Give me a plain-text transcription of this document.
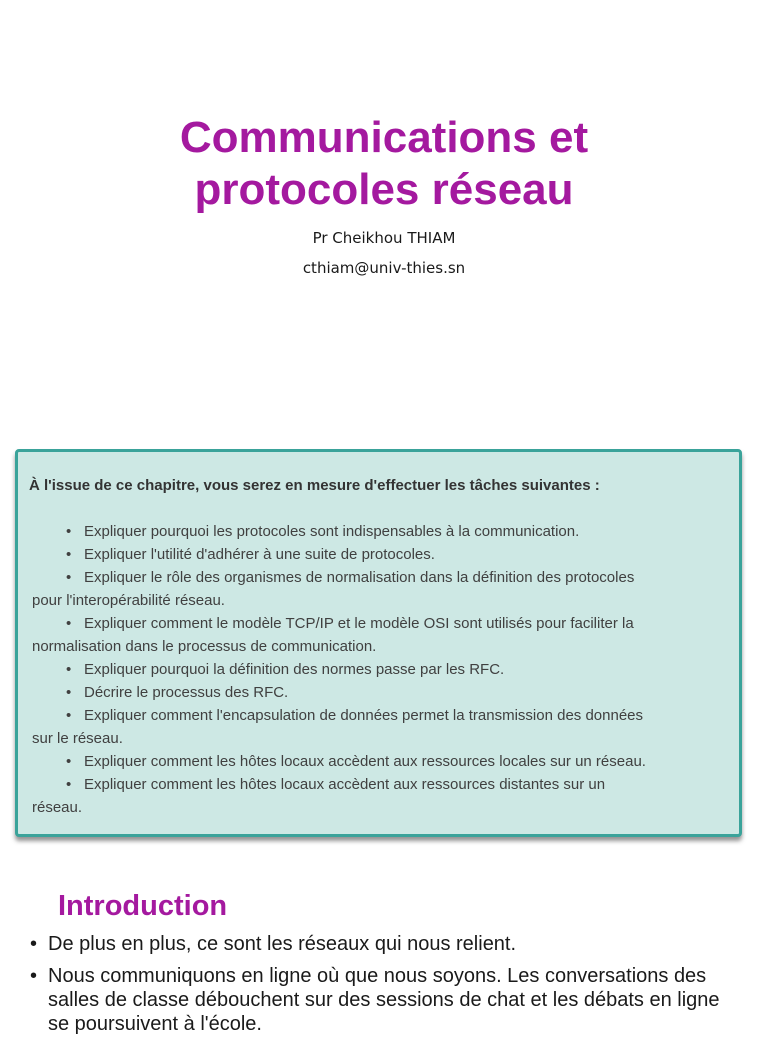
Communications et
protocoles réseau
Pr Cheikhou THIAM
cthiam@univ-thies.sn
À l'issue de ce chapitre, vous serez en mesure d'effectuer les tâches suivantes :
• Expliquer pourquoi les protocoles sont indispensables à la communication.
• Expliquer l'utilité d'adhérer à une suite de protocoles.
• Expliquer le rôle des organismes de normalisation dans la définition des protocoles
pour l'interopérabilité réseau.
• Expliquer comment le modèle TCP/IP et le modèle OSI sont utilisés pour faciliter la
normalisation dans le processus de communication.
• Expliquer pourquoi la définition des normes passe par les RFC.
• Décrire le processus des RFC.
• Expliquer comment l'encapsulation de données permet la transmission des données
sur le réseau.
• Expliquer comment les hôtes locaux accèdent aux ressources locales sur un réseau.
• Expliquer comment les hôtes locaux accèdent aux ressources distantes sur un
réseau.
Introduction
• De plus en plus, ce sont les réseaux qui nous relient.
• Nous communiquons en ligne où que nous soyons. Les conversations des salles de classe débouchent sur des sessions de chat et les débats en ligne se poursuivent à l'école.
